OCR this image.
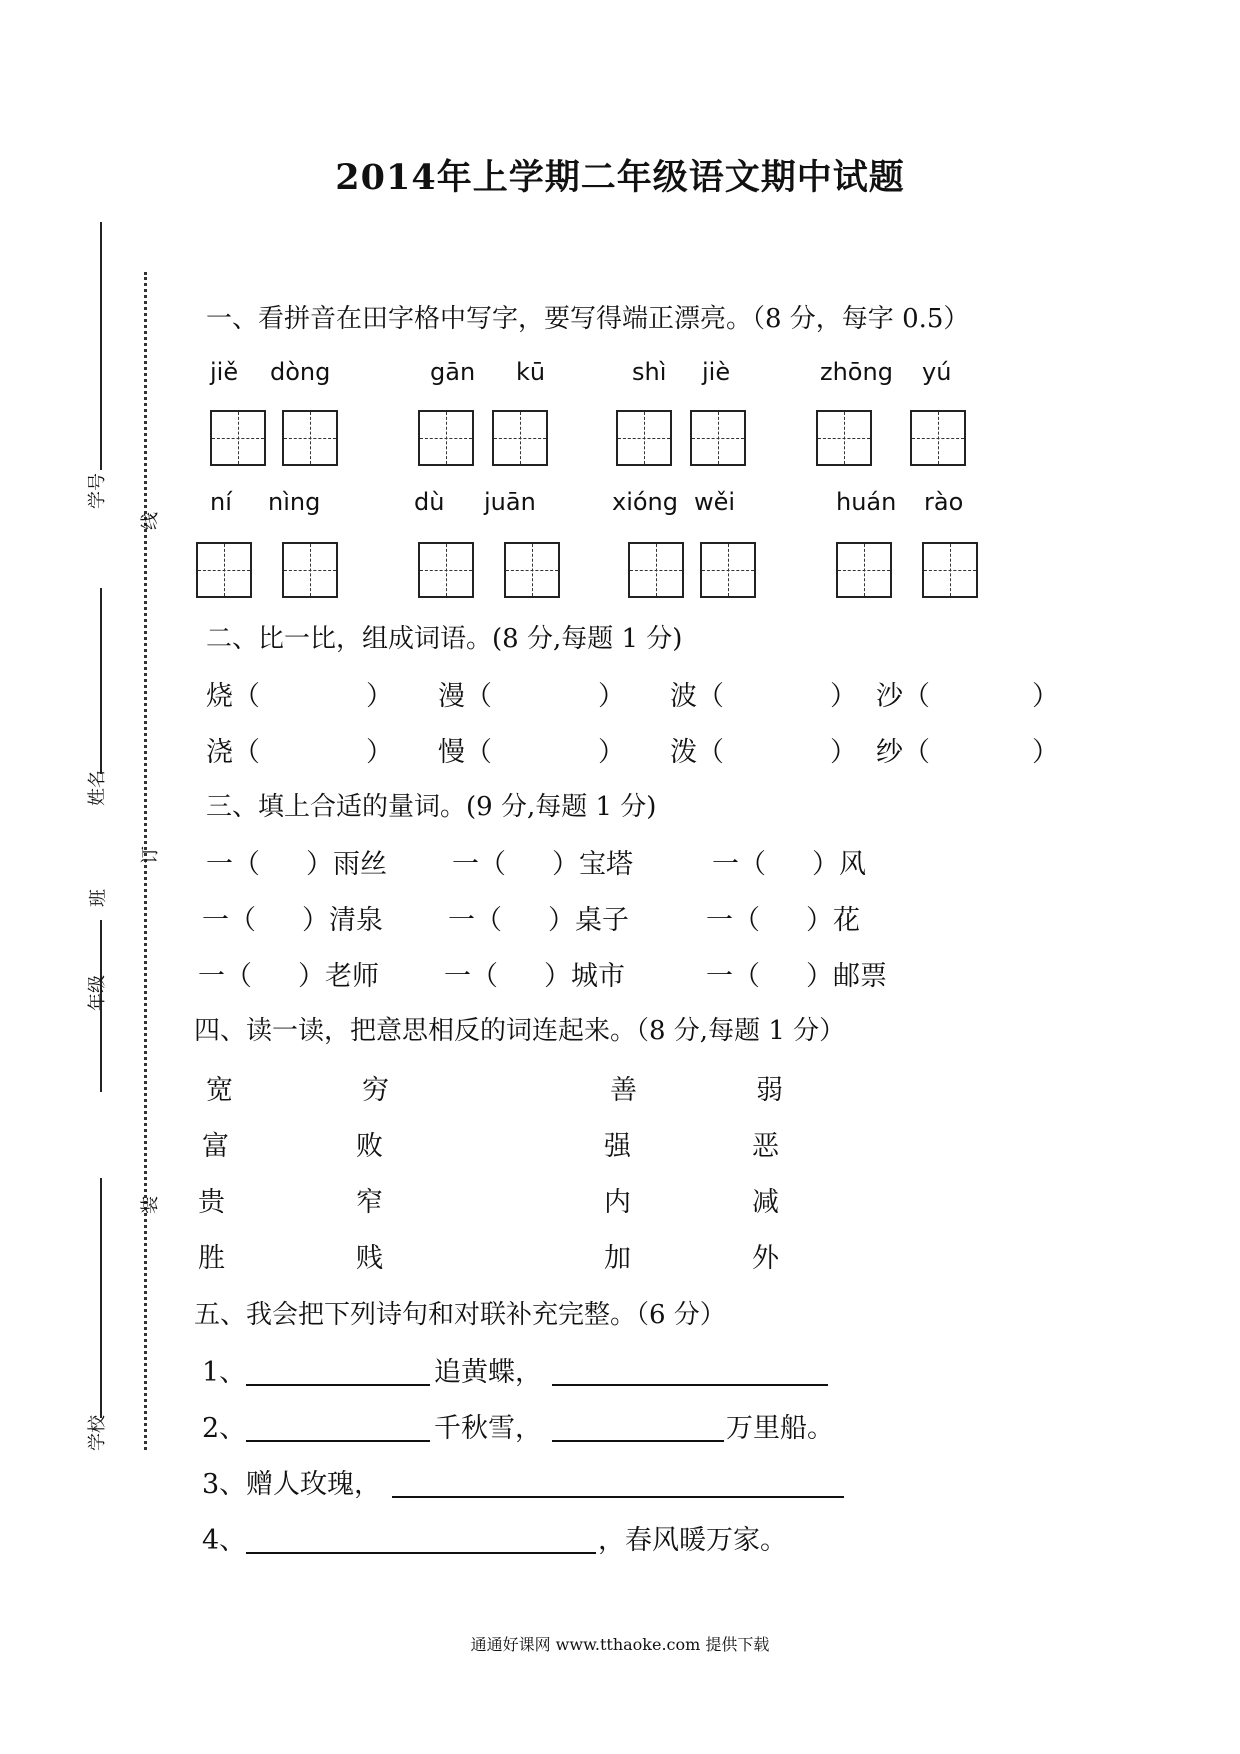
2014年上学期二年级语文期中试题
学号
姓名
班
年级
学校
线
订
装
一、看拼音在田字格中写字，要写得端正漂亮。（8 分，每字 0.5）
jiě dòng	gān kū	shì jiè	zhōng yú
ní nìng	dù juān	xióng wěi	huán rào
二、比一比，组成词语。(8 分,每题 1 分)
烧（	） 漫（	） 波（	） 沙（	）
浇（	） 慢（	） 泼（	） 纱（	）
三、填上合适的量词。(9 分,每题 1 分)
一（ ）雨丝 一（ ）宝塔	一（ ）风
一（ ）清泉 一（ ）桌子	一（ ）花
一（ ）老师 一（ ）城市	一（ ）邮票
四、读一读，把意思相反的词连起来。（8 分,每题 1 分）
宽	穷	善	弱
富	败	强	恶
贵	窄	内	减
胜	贱	加	外
五、我会把下列诗句和对联补充完整。（6 分）
1、	追黄蝶，
2、	千秋雪，	万里船。
3、 赠人玫瑰，
4、	，春风暖万家。
通通好课网 www.tthaoke.com 提供下载
